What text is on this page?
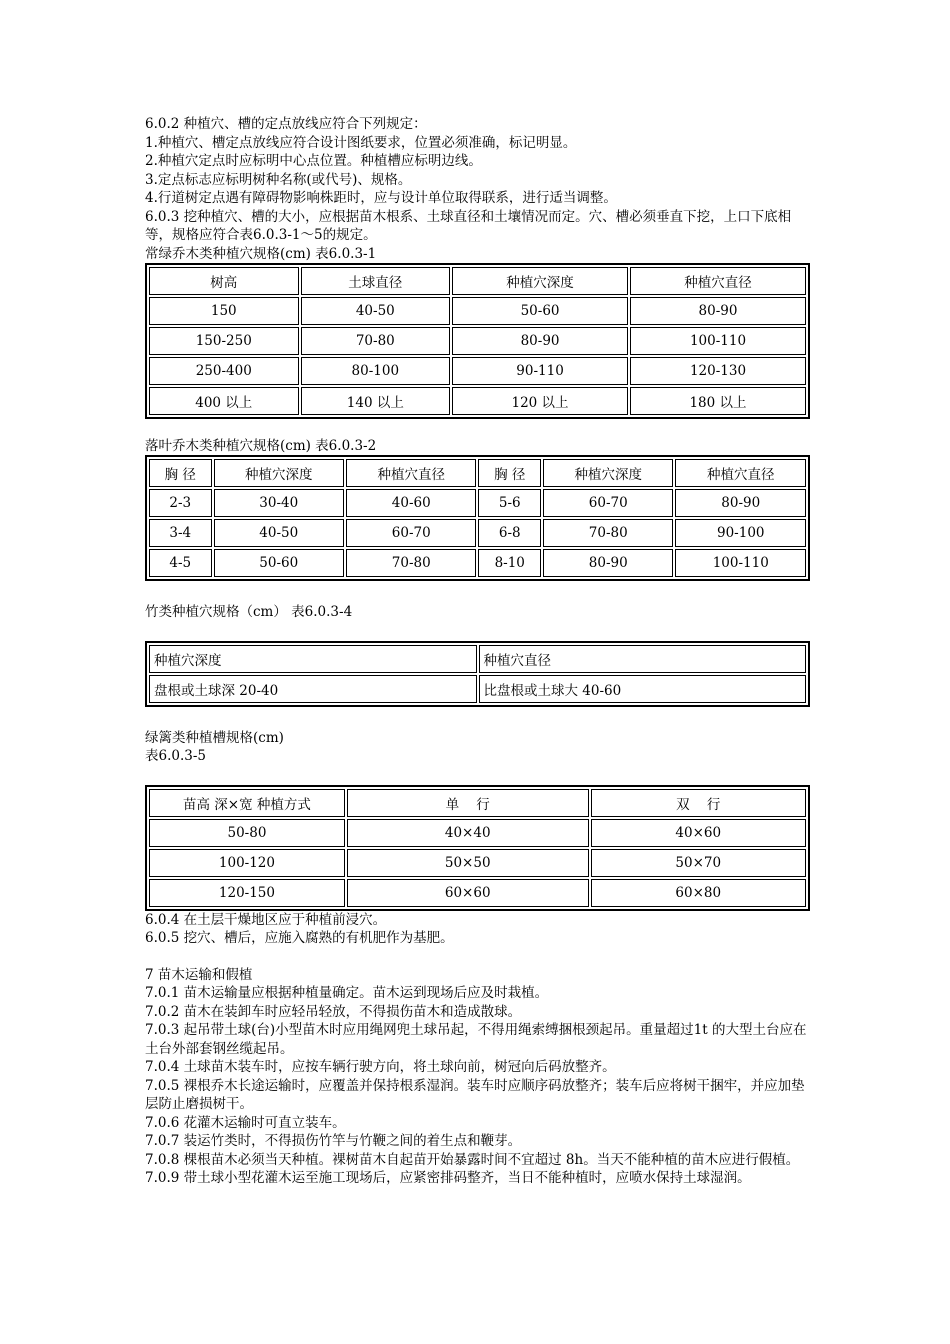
6.0.2 种植穴、槽的定点放线应符合下列规定：

1.种植穴、槽定点放线应符合设计图纸要求，位置必须准确，标记明显。

2.种植穴定点时应标明中心点位置。种植槽应标明边线。

3.定点标志应标明树种名称(或代号)、规格。

4.行道树定点遇有障碍物影响株距时，应与设计单位取得联系，进行适当调整。

6.0.3 挖种植穴、槽的大小，应根据苗木根系、土球直径和土壤情况而定。穴、槽必须垂直下挖，上口下底相等，规格应符合表6.0.3-1～5的规定。

常绿乔木类种植穴规格(cm) 表6.0.3-1

树高	土球直径	种植穴深度	种植穴直径
150	40-50	50-60	80-90
150-250	70-80	80-90	100-110
250-400	80-100	90-110	120-130
400 以上	140 以上	120 以上	180 以上

落叶乔木类种植穴规格(cm) 表6.0.3-2

胸 径	种植穴深度	种植穴直径	胸 径	种植穴深度	种植穴直径
2-3	30-40	40-60	5-6	60-70	80-90
3-4	40-50	60-70	6-8	70-80	90-100
4-5	50-60	70-80	8-10	80-90	100-110

竹类种植穴规格（cm） 表6.0.3-4

种植穴深度	种植穴直径
盘根或土球深 20-40	比盘根或土球大 40-60

绿篱类种植槽规格(cm)

表6.0.3-5

苗高 深×宽 种植方式	单    行	双    行
50-80	40×40	40×60
100-120	50×50	50×70
120-150	60×60	60×80

6.0.4 在土层干燥地区应于种植前浸穴。

6.0.5 挖穴、槽后，应施入腐熟的有机肥作为基肥。

7 苗木运输和假植

7.0.1 苗木运输量应根据种植量确定。苗木运到现场后应及时栽植。

7.0.2 苗木在装卸车时应轻吊轻放，不得损伤苗木和造成散球。

7.0.3 起吊带土球(台)小型苗木时应用绳网兜土球吊起，不得用绳索缚捆根颈起吊。重量超过1t 的大型土台应在土台外部套钢丝缆起吊。

7.0.4 土球苗木装车时，应按车辆行驶方向，将土球向前，树冠向后码放整齐。

7.0.5 裸根乔木长途运输时，应覆盖并保持根系湿润。装车时应顺序码放整齐；装车后应将树干捆牢，并应加垫层防止磨损树干。

7.0.6 花灌木运输时可直立装车。

7.0.7 装运竹类时，不得损伤竹竿与竹鞭之间的着生点和鞭芽。

7.0.8 棵根苗木必须当天种植。裸树苗木自起苗开始暴露时间不宜超过 8h。当天不能种植的苗木应进行假植。

7.0.9 带土球小型花灌木运至施工现场后，应紧密排码整齐，当日不能种植时，应喷水保持土球湿润。
